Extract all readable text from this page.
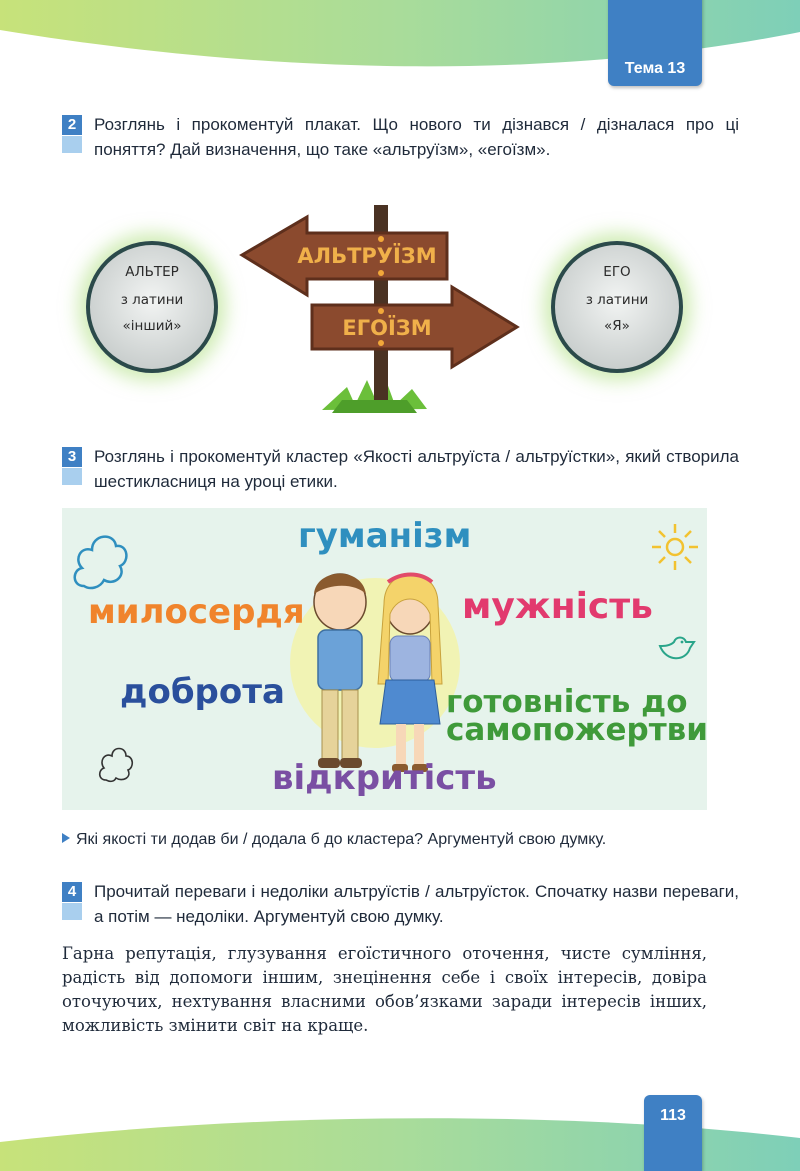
Тема 13
2	Розглянь і прокоментуй плакат. Що нового ти дізнався / дізналася про ці поняття? Дай визначення, що таке «альтруїзм», «егоїзм».
АЛЬТЕР
з латини
«інший»
ЕГО
з латини
«Я»
АЛЬТРУЇЗМ
ЕГОЇЗМ
3	Розглянь і прокоментуй кластер «Якості альтруїста / альтруїстки», який створила шестикласниця на уроці етики.
гуманізм
милосердя	мужність
доброта	готовність до
самопожертви
відкритість
Які якості ти додав би / додала б до кластера? Аргументуй свою думку.
4	Прочитай переваги і недоліки альтруїстів / альтруїсток. Спочатку назви переваги, а потім — недоліки. Аргументуй свою думку.
Гарна репутація, глузування егоїстичного оточення, чисте сумління, радість від допомоги іншим, знецінення себе і своїх інтересів, довіра оточуючих, нехтування власними обов’язками заради інтересів інших, можливість змінити світ на краще.
113
